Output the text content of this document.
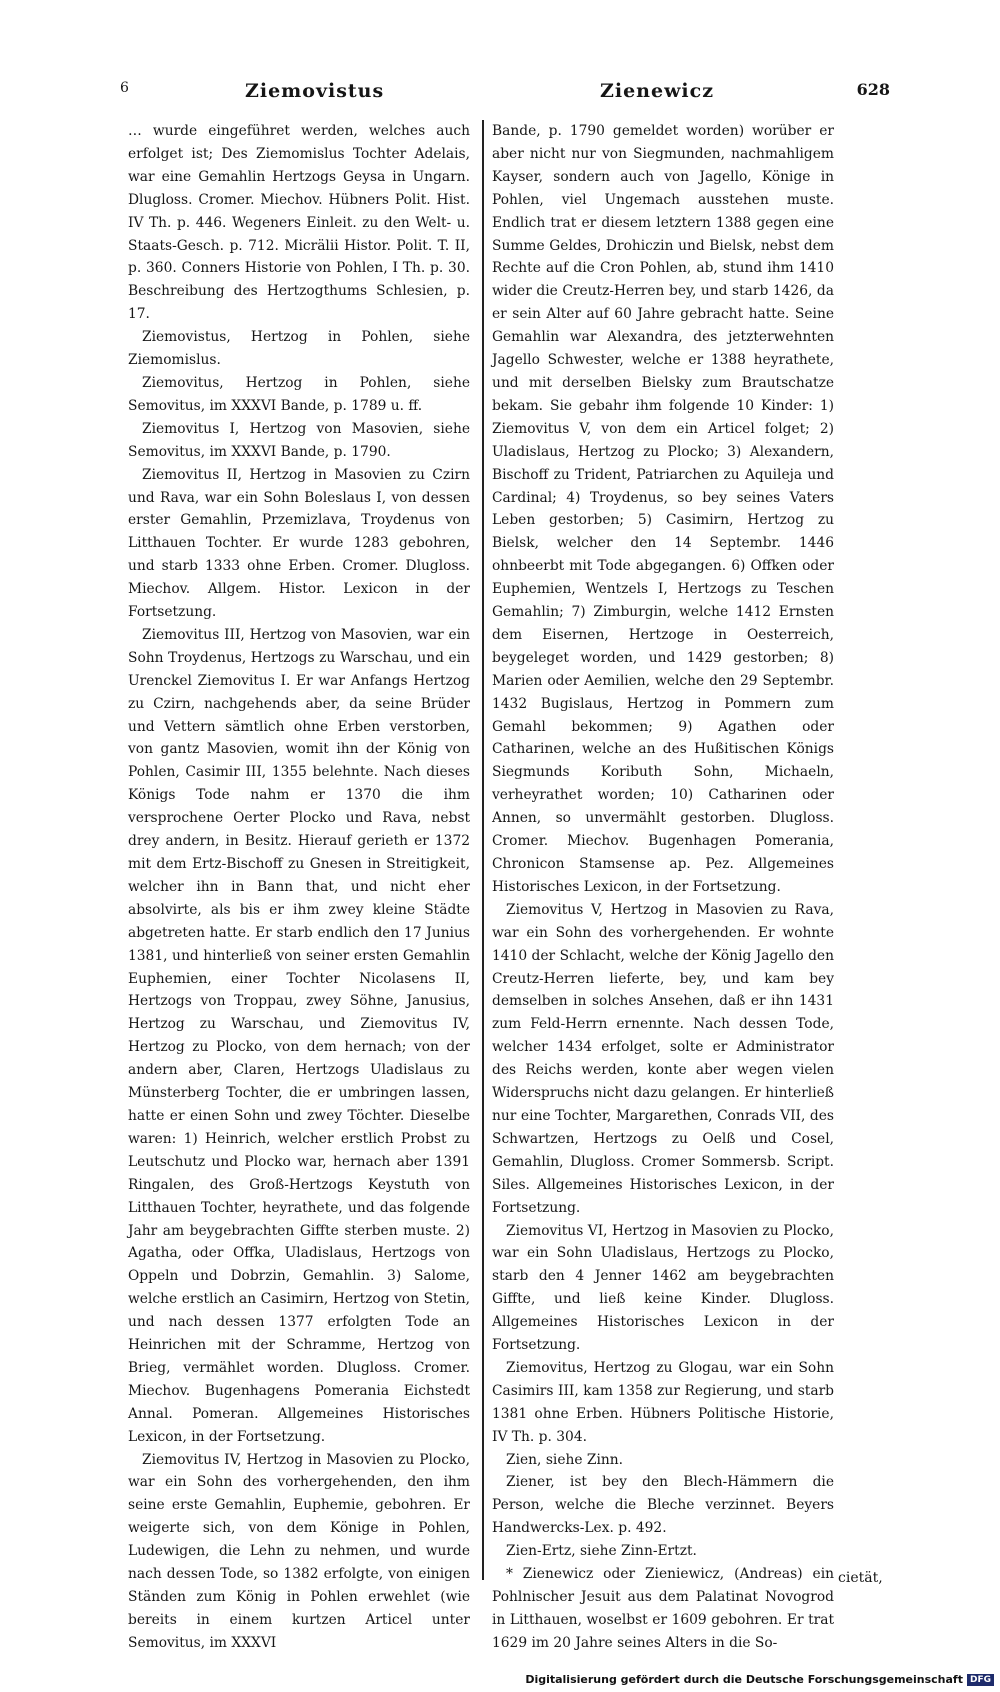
6	Ziemovistus	Zienewicz	628

… wurde eingeführet werden, welches auch erfolget ist; Des Ziemomislus Tochter Adelais, war eine Gemahlin Hertzogs Geysa in Ungarn. Dlugloss. Cromer. Miechov. Hübners Polit. Hist. IV Th. p. 446. Wegeners Einleit. zu den Welt- u. Staats-Gesch. p. 712. Micrälii Histor. Polit. T. II, p. 360. Conners Historie von Pohlen, I Th. p. 30. Beschreibung des Hertzogthums Schlesien, p. 17.

Ziemovistus, Hertzog in Pohlen, siehe Ziemomislus.

Ziemovitus, Hertzog in Pohlen, siehe Semovitus, im XXXVI Bande, p. 1789 u. ff.

Ziemovitus I, Hertzog von Masovien, siehe Semovitus, im XXXVI Bande, p. 1790.

Ziemovitus II, Hertzog in Masovien zu Czirn und Rava, war ein Sohn Boleslaus I, von dessen erster Gemahlin, Przemizlava, Troydenus von Litthauen Tochter. Er wurde 1283 gebohren, und starb 1333 ohne Erben. Cromer. Dlugloss. Miechov. Allgem. Histor. Lexicon in der Fortsetzung.

Ziemovitus III, Hertzog von Masovien, war ein Sohn Troydenus, Hertzogs zu Warschau, und ein Urenckel Ziemovitus I. Er war Anfangs Hertzog zu Czirn, nachgehends aber, da seine Brüder und Vettern sämtlich ohne Erben verstorben, von gantz Masovien, womit ihn der König von Pohlen, Casimir III, 1355 belehnte. Nach dieses Königs Tode nahm er 1370 die ihm versprochene Oerter Plocko und Rava, nebst drey andern, in Besitz. Hierauf gerieth er 1372 mit dem Ertz-Bischoff zu Gnesen in Streitigkeit, welcher ihn in Bann that, und nicht eher absolvirte, als bis er ihm zwey kleine Städte abgetreten hatte. Er starb endlich den 17 Junius 1381, und hinterließ von seiner ersten Gemahlin Euphemien, einer Tochter Nicolasens II, Hertzogs von Troppau, zwey Söhne, Janusius, Hertzog zu Warschau, und Ziemovitus IV, Hertzog zu Plocko, von dem hernach; von der andern aber, Claren, Hertzogs Uladislaus zu Münsterberg Tochter, die er umbringen lassen, hatte er einen Sohn und zwey Töchter. Dieselbe waren: 1) Heinrich, welcher erstlich Probst zu Leutschutz und Plocko war, hernach aber 1391 Ringalen, des Groß-Hertzogs Keystuth von Litthauen Tochter, heyrathete, und das folgende Jahr am beygebrachten Giffte sterben muste. 2) Agatha, oder Offka, Uladislaus, Hertzogs von Oppeln und Dobrzin, Gemahlin. 3) Salome, welche erstlich an Casimirn, Hertzog von Stetin, und nach dessen 1377 erfolgten Tode an Heinrichen mit der Schramme, Hertzog von Brieg, vermählet worden. Dlugloss. Cromer. Miechov. Bugenhagens Pomerania Eichstedt Annal. Pomeran. Allgemeines Historisches Lexicon, in der Fortsetzung.

Ziemovitus IV, Hertzog in Masovien zu Plocko, war ein Sohn des vorhergehenden, den ihm seine erste Gemahlin, Euphemie, gebohren. Er weigerte sich, von dem Könige in Pohlen, Ludewigen, die Lehn zu nehmen, und wurde nach dessen Tode, so 1382 erfolgte, von einigen Ständen zum König in Pohlen erwehlet (wie bereits in einem kurtzen Articel unter Semovitus, im XXXVI

Bande, p. 1790 gemeldet worden) worüber er aber nicht nur von Siegmunden, nachmahligem Kayser, sondern auch von Jagello, Könige in Pohlen, viel Ungemach ausstehen muste. Endlich trat er diesem letztern 1388 gegen eine Summe Geldes, Drohiczin und Bielsk, nebst dem Rechte auf die Cron Pohlen, ab, stund ihm 1410 wider die Creutz-Herren bey, und starb 1426, da er sein Alter auf 60 Jahre gebracht hatte. Seine Gemahlin war Alexandra, des jetzterwehnten Jagello Schwester, welche er 1388 heyrathete, und mit derselben Bielsky zum Brautschatze bekam. Sie gebahr ihm folgende 10 Kinder: 1) Ziemovitus V, von dem ein Articel folget; 2) Uladislaus, Hertzog zu Plocko; 3) Alexandern, Bischoff zu Trident, Patriarchen zu Aquileja und Cardinal; 4) Troydenus, so bey seines Vaters Leben gestorben; 5) Casimirn, Hertzog zu Bielsk, welcher den 14 Septembr. 1446 ohnbeerbt mit Tode abgegangen. 6) Offken oder Euphemien, Wentzels I, Hertzogs zu Teschen Gemahlin; 7) Zimburgin, welche 1412 Ernsten dem Eisernen, Hertzoge in Oesterreich, beygeleget worden, und 1429 gestorben; 8) Marien oder Aemilien, welche den 29 Septembr. 1432 Bugislaus, Hertzog in Pommern zum Gemahl bekommen; 9) Agathen oder Catharinen, welche an des Hußitischen Königs Siegmunds Koributh Sohn, Michaeln, verheyrathet worden; 10) Catharinen oder Annen, so unvermählt gestorben. Dlugloss. Cromer. Miechov. Bugenhagen Pomerania, Chronicon Stamsense ap. Pez. Allgemeines Historisches Lexicon, in der Fortsetzung.

Ziemovitus V, Hertzog in Masovien zu Rava, war ein Sohn des vorhergehenden. Er wohnte 1410 der Schlacht, welche der König Jagello den Creutz-Herren lieferte, bey, und kam bey demselben in solches Ansehen, daß er ihn 1431 zum Feld-Herrn ernennte. Nach dessen Tode, welcher 1434 erfolget, solte er Administrator des Reichs werden, konte aber wegen vielen Widerspruchs nicht dazu gelangen. Er hinterließ nur eine Tochter, Margarethen, Conrads VII, des Schwartzen, Hertzogs zu Oelß und Cosel, Gemahlin, Dlugloss. Cromer Sommersb. Script. Siles. Allgemeines Historisches Lexicon, in der Fortsetzung.

Ziemovitus VI, Hertzog in Masovien zu Plocko, war ein Sohn Uladislaus, Hertzogs zu Plocko, starb den 4 Jenner 1462 am beygebrachten Giffte, und ließ keine Kinder. Dlugloss. Allgemeines Historisches Lexicon in der Fortsetzung.

Ziemovitus, Hertzog zu Glogau, war ein Sohn Casimirs III, kam 1358 zur Regierung, und starb 1381 ohne Erben. Hübners Politische Historie, IV Th. p. 304.

Zien, siehe Zinn.

Ziener, ist bey den Blech-Hämmern die Person, welche die Bleche verzinnet. Beyers Handwercks-Lex. p. 492.

Zien-Ertz, siehe Zinn-Ertzt.

* Zienewicz oder Zieniewicz, (Andreas) ein Pohlnischer Jesuit aus dem Palatinat Novogrod in Litthauen, woselbst er 1609 gebohren. Er trat 1629 im 20 Jahre seines Alters in die So-

cietät,
Digitalisierung gefördert durch die Deutsche Forschungsgemeinschaft DFG
